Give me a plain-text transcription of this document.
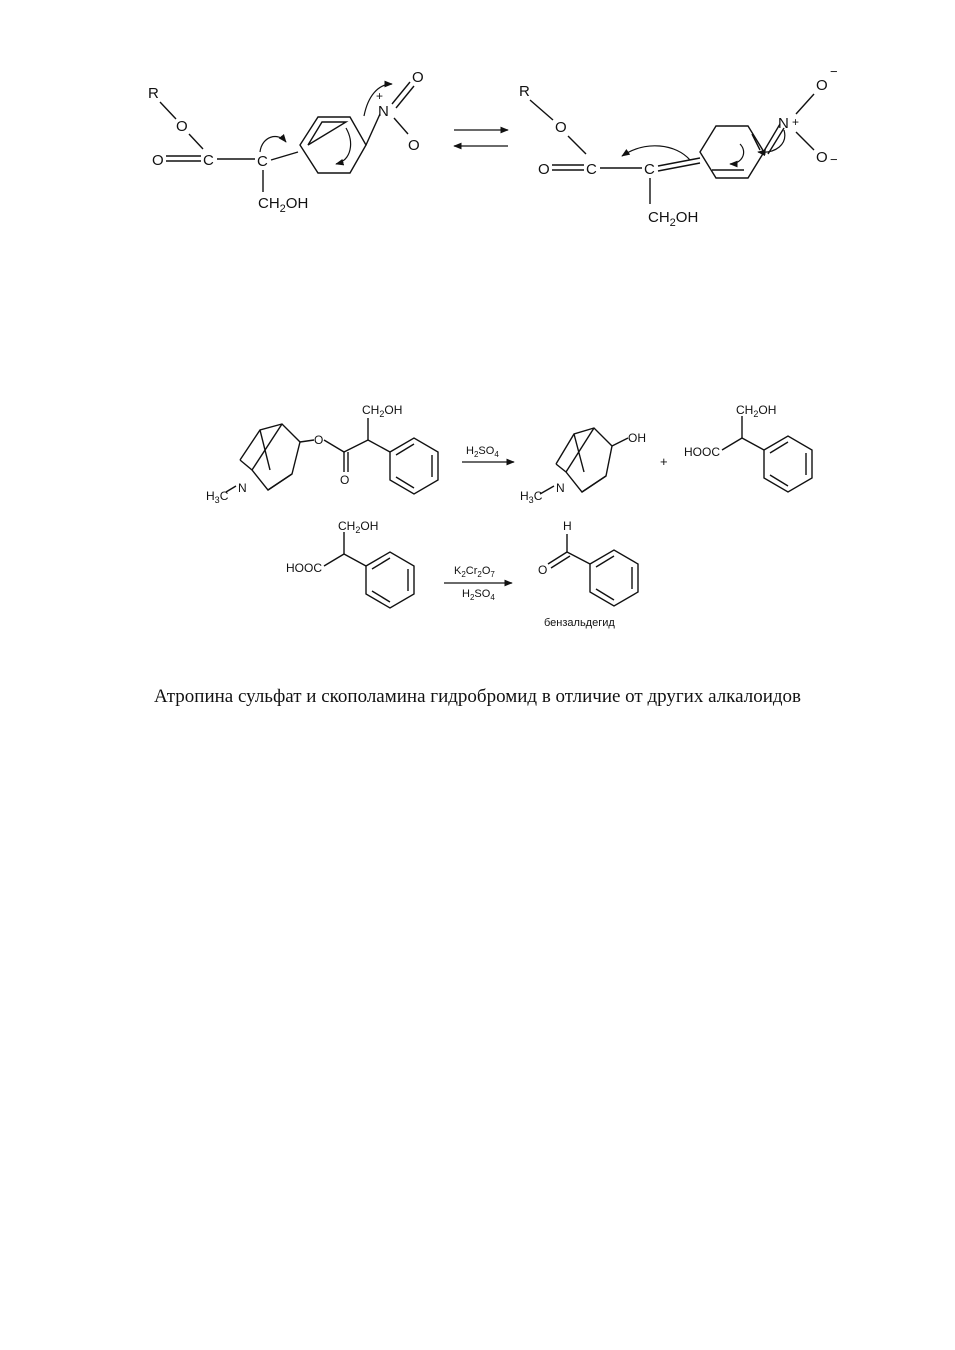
R
O
O	C	C
$CH_2OH$
N
+
O
O
R
O
O C	C
$CH_2OH$
N +
O
−
O −
N
$H_3C$
O
O
$CH_2OH$
$H_2SO_4$
OH
N
$H_3C$
+
HOOC
$CH_2OH$
HOOC
$CH_2OH$
$K_2Cr_2O_7$
$H_2SO_4$
H
O
бензальдегид
Атропина сульфат и скополамина гидробромид в отличие от других алкалоидов
